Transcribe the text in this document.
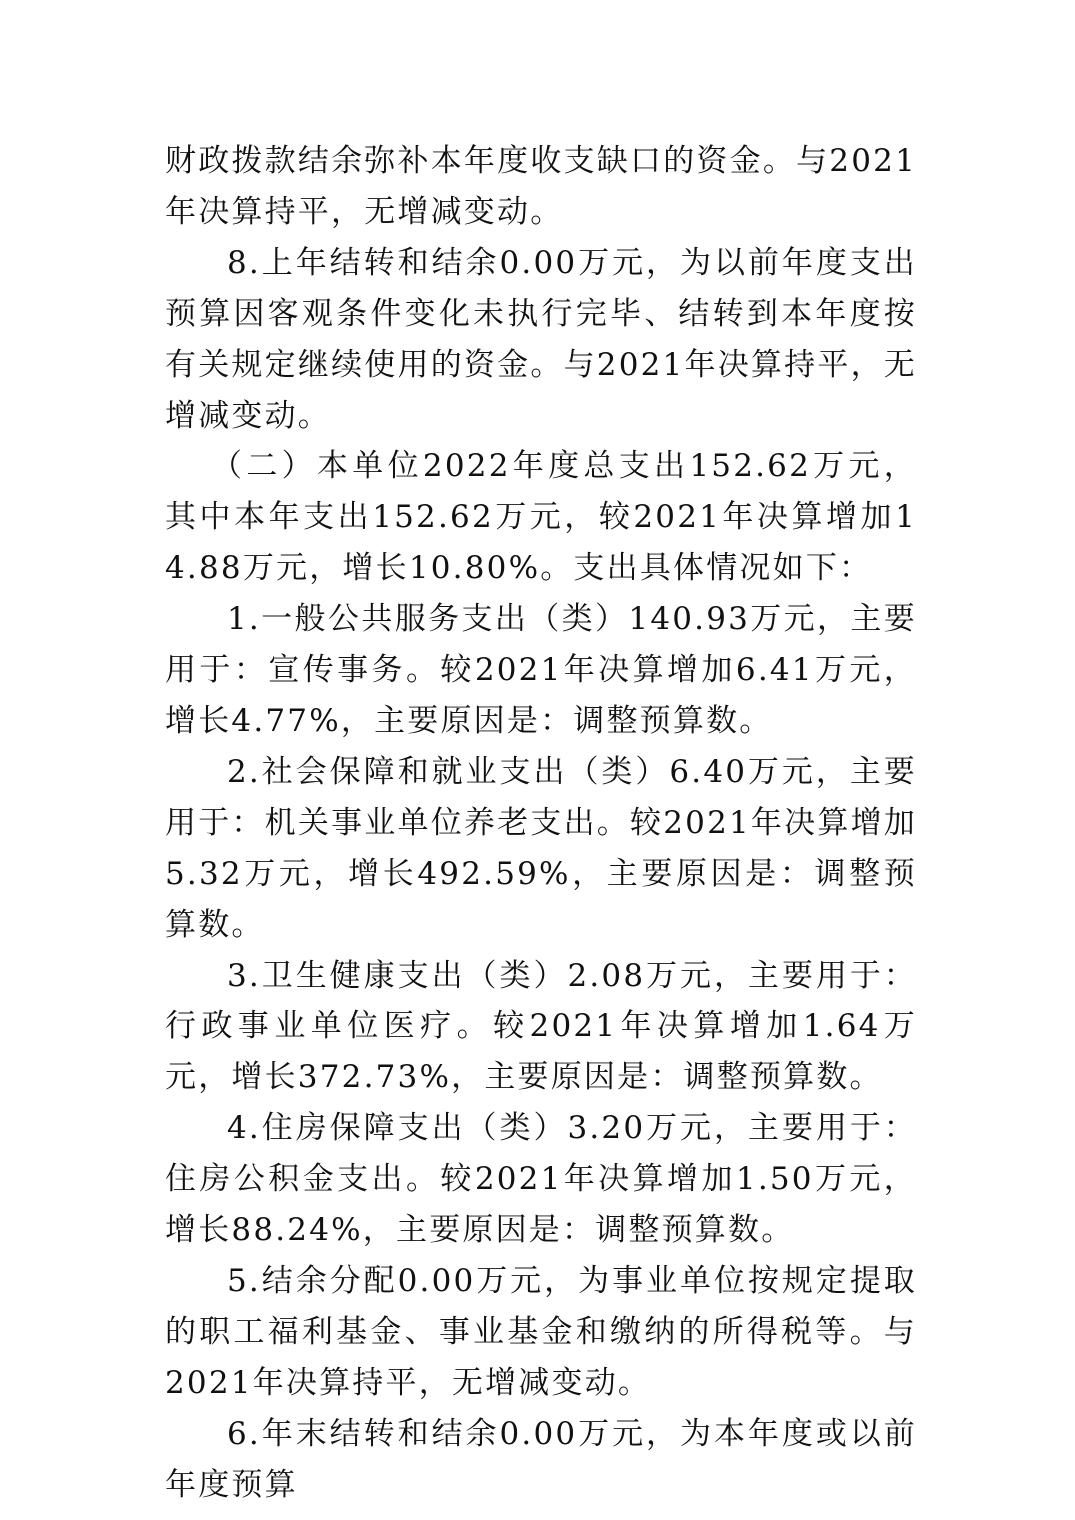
财政拨款结余弥补本年度收支缺口的资金。与2021年决算持平，无增减变动。

8.上年结转和结余0.00万元，为以前年度支出预算因客观条件变化未执行完毕、结转到本年度按有关规定继续使用的资金。与2021年决算持平，无增减变动。

（二）本单位2022年度总支出152.62万元，其中本年支出152.62万元，较2021年决算增加14.88万元，增长10.80%。支出具体情况如下：

1.一般公共服务支出（类）140.93万元，主要用于：宣传事务。较2021年决算增加6.41万元，增长4.77%，主要原因是：调整预算数。

2.社会保障和就业支出（类）6.40万元，主要用于：机关事业单位养老支出。较2021年决算增加5.32万元，增长492.59%，主要原因是：调整预算数。

3.卫生健康支出（类）2.08万元，主要用于：行政事业单位医疗。较2021年决算增加1.64万元，增长372.73%，主要原因是：调整预算数。

4.住房保障支出（类）3.20万元，主要用于：住房公积金支出。较2021年决算增加1.50万元，增长88.24%，主要原因是：调整预算数。

5.结余分配0.00万元，为事业单位按规定提取的职工福利基金、事业基金和缴纳的所得税等。与2021年决算持平，无增减变动。

6.年末结转和结余0.00万元，为本年度或以前年度预算
